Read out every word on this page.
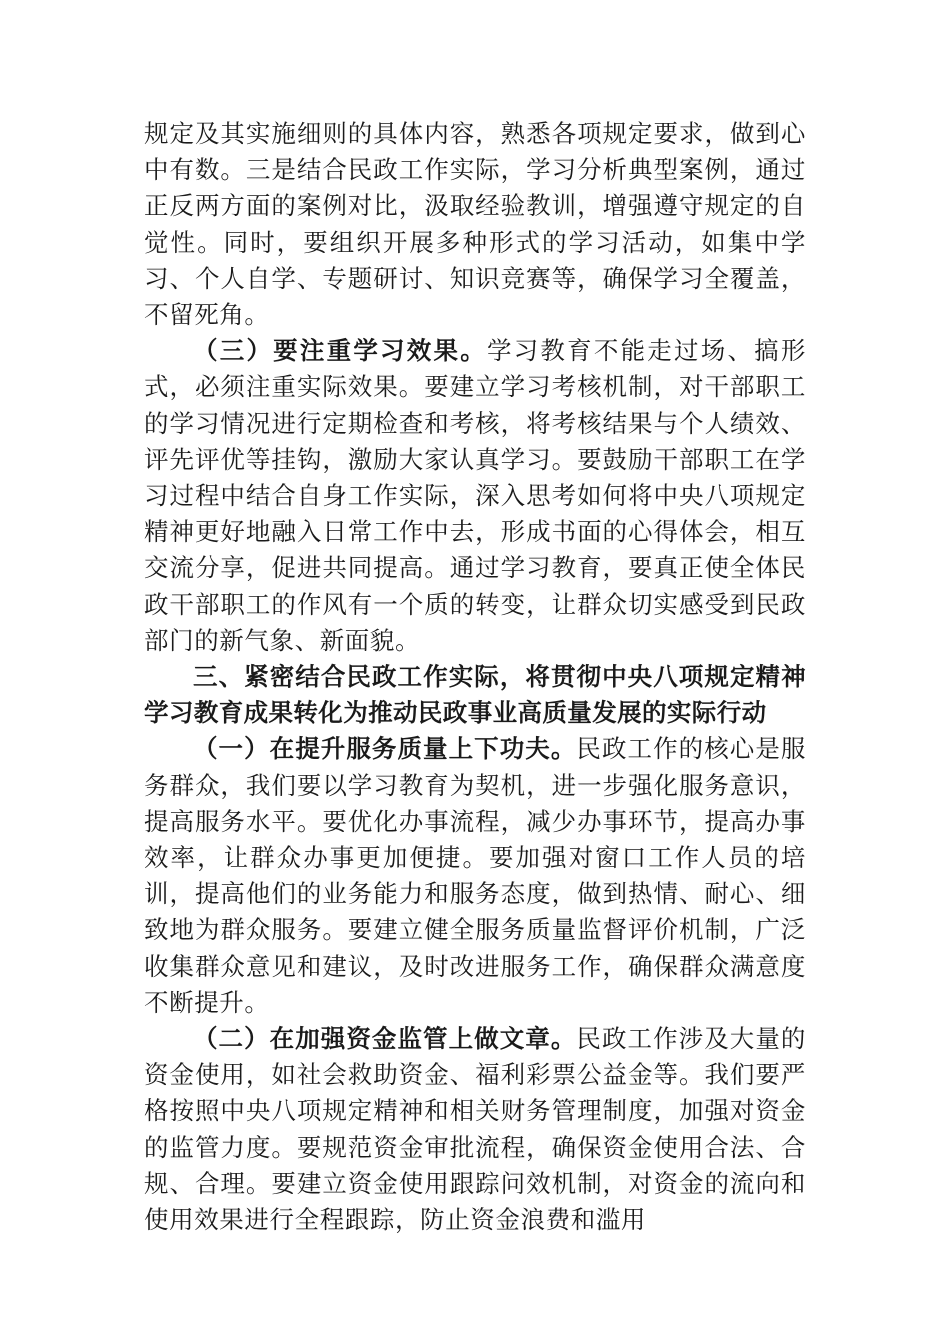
规定及其实施细则的具体内容，熟悉各项规定要求，做到心中有数。三是结合民政工作实际，学习分析典型案例，通过正反两方面的案例对比，汲取经验教训，增强遵守规定的自觉性。同时，要组织开展多种形式的学习活动，如集中学习、个人自学、专题研讨、知识竞赛等，确保学习全覆盖，不留死角。

（三）要注重学习效果。学习教育不能走过场、搞形式，必须注重实际效果。要建立学习考核机制，对干部职工的学习情况进行定期检查和考核，将考核结果与个人绩效、评先评优等挂钩，激励大家认真学习。要鼓励干部职工在学习过程中结合自身工作实际，深入思考如何将中央八项规定精神更好地融入日常工作中去，形成书面的心得体会，相互交流分享，促进共同提高。通过学习教育，要真正使全体民政干部职工的作风有一个质的转变，让群众切实感受到民政部门的新气象、新面貌。

三、紧密结合民政工作实际，将贯彻中央八项规定精神学习教育成果转化为推动民政事业高质量发展的实际行动

（一）在提升服务质量上下功夫。民政工作的核心是服务群众，我们要以学习教育为契机，进一步强化服务意识，提高服务水平。要优化办事流程，减少办事环节，提高办事效率，让群众办事更加便捷。要加强对窗口工作人员的培训，提高他们的业务能力和服务态度，做到热情、耐心、细致地为群众服务。要建立健全服务质量监督评价机制，广泛收集群众意见和建议，及时改进服务工作，确保群众满意度不断提升。

（二）在加强资金监管上做文章。民政工作涉及大量的资金使用，如社会救助资金、福利彩票公益金等。我们要严格按照中央八项规定精神和相关财务管理制度，加强对资金的监管力度。要规范资金审批流程，确保资金使用合法、合规、合理。要建立资金使用跟踪问效机制，对资金的流向和使用效果进行全程跟踪，防止资金浪费和滥用
